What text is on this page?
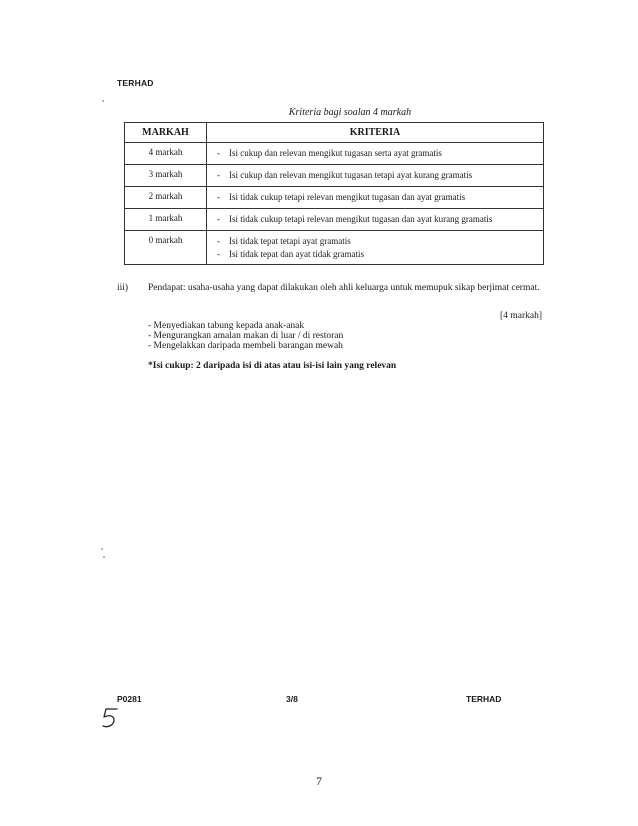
TERHAD
Kriteria bagi soalan 4 markah
MARKAH	KRITERIA
4 markah	- Isi cukup dan relevan mengikut tugasan serta ayat gramatis

3 markah	- Isi cukup dan relevan mengikut tugasan tetapi ayat kurang gramatis

2 markah	- Isi tidak cukup tetapi relevan mengikut tugasan dan ayat gramatis

1 markah	- Isi tidak cukup tetapi relevan mengikut tugasan dan ayat kurang gramatis

0 markah	- Isi tidak tepat tetapi ayat gramatis
- Isi tidak tepat dan ayat tidak gramatis
iii) Pendapat: usaha-usaha yang dapat dilakukan oleh ahli keluarga untuk memupuk sikap berjimat cermat.
[4 markah]
- Menyediakan tabung kepada anak-anak
- Mengurangkan amalan makan di luar / di restoran
- Mengelakkan daripada membeli barangan mewah
*Isi cukup: 2 daripada isi di atas atau isi-isi lain yang relevan
P0281	3/8	TERHAD
7
